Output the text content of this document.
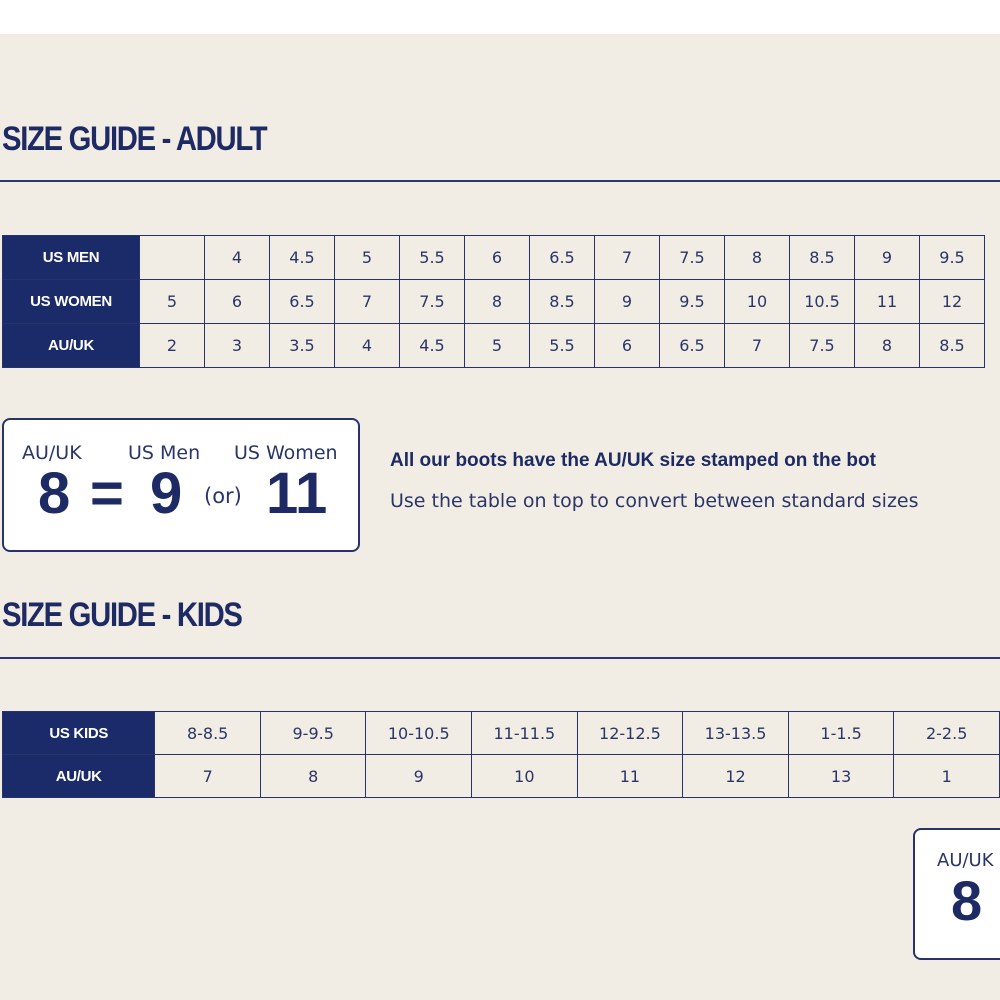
SIZE GUIDE - ADULT
US MEN		4	4.5	5	5.5	6	6.5	7	7.5	8	8.5	9	9.5
US WOMEN	5	6	6.5	7	7.5	8	8.5	9	9.5	10	10.5	11	12
AU/UK	2	3	3.5	4	4.5	5	5.5	6	6.5	7	7.5	8	8.5
AU/UK US Men US Women
8 = 9 (or) 11
All our boots have the AU/UK size stamped on the bot
Use the table on top to convert between standard sizes
SIZE GUIDE - KIDS
US KIDS	8-8.5	9-9.5	10-10.5	11-11.5	12-12.5	13-13.5	1-1.5	2-2.5
AU/UK	7	8	9	10	11	12	13	1
AU/UK
8
